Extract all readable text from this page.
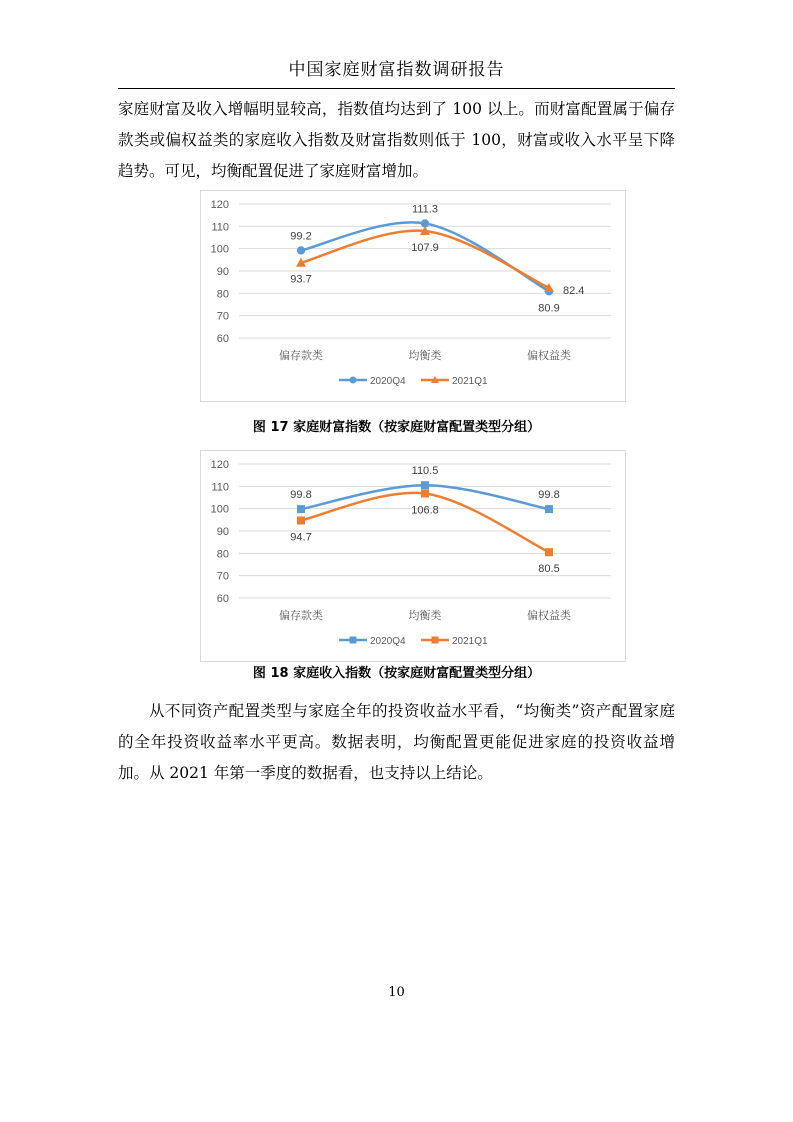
中国家庭财富指数调研报告

家庭财富及收入增幅明显较高，指数值均达到了 100 以上。而财富配置属于偏存款类或偏权益类的家庭收入指数及财富指数则低于 100，财富或收入水平呈下降趋势。可见，均衡配置促进了家庭财富增加。

120
110
100
90
80
70
60
偏存款类	均衡类	偏权益类
99.2
111.3
80.9
93.7
107.9
82.4
2020Q4	2021Q1
图 17 家庭财富指数（按家庭财富配置类型分组）
120
110
100
90
80
70
60
偏存款类	均衡类	偏权益类
99.8
110.5
99.8
94.7
106.8
80.5
2020Q4	2021Q1
图 18 家庭收入指数（按家庭财富配置类型分组）

从不同资产配置类型与家庭全年的投资收益水平看，“均衡类”资产配置家庭的全年投资收益率水平更高。数据表明，均衡配置更能促进家庭的投资收益增加。从 2021 年第一季度的数据看，也支持以上结论。

10
